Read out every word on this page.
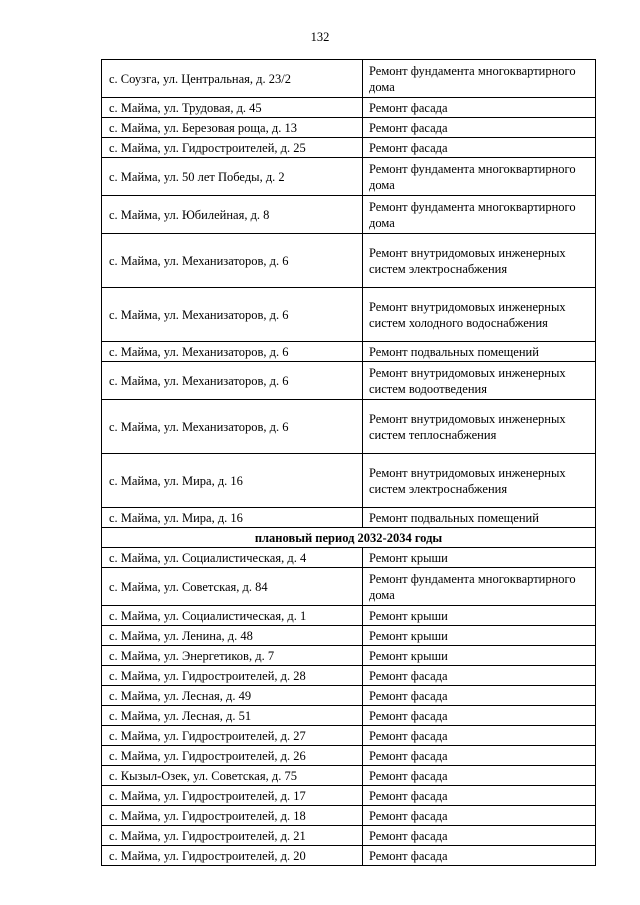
132
с. Соузга, ул. Центральная, д. 23/2	Ремонт фундамента многоквартирного дома
с. Майма, ул. Трудовая, д. 45	Ремонт фасада
с. Майма, ул. Березовая роща, д. 13	Ремонт фасада
с. Майма, ул. Гидростроителей, д. 25	Ремонт фасада
с. Майма, ул. 50 лет Победы, д. 2	Ремонт фундамента многоквартирного дома
с. Майма, ул. Юбилейная, д. 8	Ремонт фундамента многоквартирного дома
с. Майма, ул. Механизаторов, д. 6	Ремонт внутридомовых инженерных систем электроснабжения
с. Майма, ул. Механизаторов, д. 6	Ремонт внутридомовых инженерных систем холодного водоснабжения
с. Майма, ул. Механизаторов, д. 6	Ремонт подвальных помещений
с. Майма, ул. Механизаторов, д. 6	Ремонт внутридомовых инженерных систем водоотведения
с. Майма, ул. Механизаторов, д. 6	Ремонт внутридомовых инженерных систем теплоснабжения
с. Майма, ул. Мира, д. 16	Ремонт внутридомовых инженерных систем электроснабжения
с. Майма, ул. Мира, д. 16	Ремонт подвальных помещений
плановый период 2032-2034 годы	
с. Майма, ул. Социалистическая, д. 4	Ремонт крыши
с. Майма, ул. Советская, д. 84	Ремонт фундамента многоквартирного дома
с. Майма, ул. Социалистическая, д. 1	Ремонт крыши
с. Майма, ул. Ленина, д. 48	Ремонт крыши
с. Майма, ул. Энергетиков, д. 7	Ремонт крыши
с. Майма, ул. Гидростроителей, д. 28	Ремонт фасада
с. Майма, ул. Лесная, д. 49	Ремонт фасада
с. Майма, ул. Лесная, д. 51	Ремонт фасада
с. Майма, ул. Гидростроителей, д. 27	Ремонт фасада
с. Майма, ул. Гидростроителей, д. 26	Ремонт фасада
с. Кызыл-Озек, ул. Советская, д. 75	Ремонт фасада
с. Майма, ул. Гидростроителей, д. 17	Ремонт фасада
с. Майма, ул. Гидростроителей, д. 18	Ремонт фасада
с. Майма, ул. Гидростроителей, д. 21	Ремонт фасада
с. Майма, ул. Гидростроителей, д. 20	Ремонт фасада
